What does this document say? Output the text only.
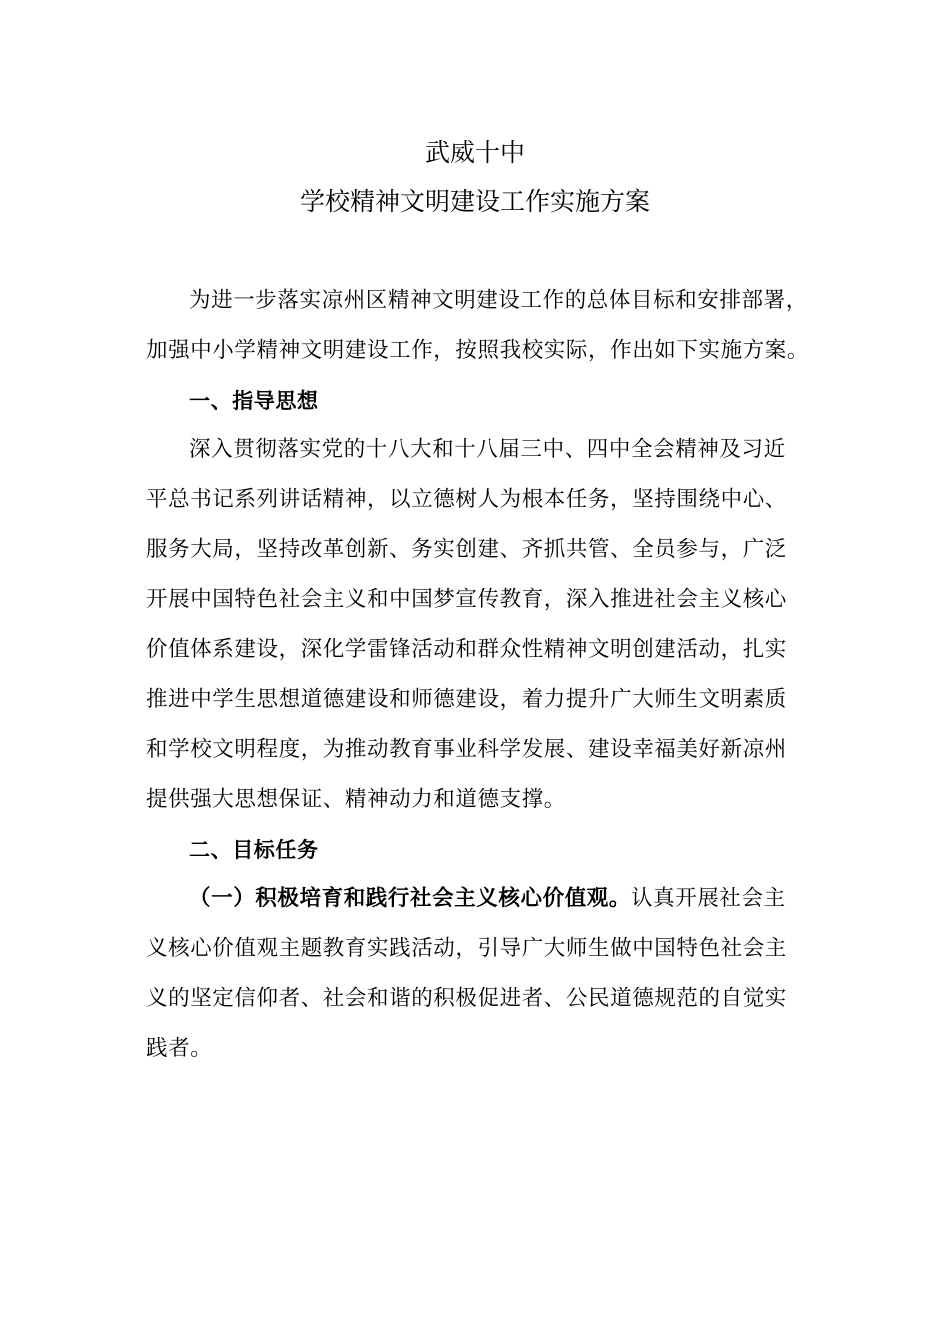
武威十中
学校精神文明建设工作实施方案
为进一步落实凉州区精神文明建设工作的总体目标和安排部署，
加强中小学精神文明建设工作，按照我校实际，作出如下实施方案。
一、指导思想
深入贯彻落实党的十八大和十八届三中、四中全会精神及习近
平总书记系列讲话精神，以立德树人为根本任务，坚持围绕中心、
服务大局，坚持改革创新、务实创建、齐抓共管、全员参与，广泛
开展中国特色社会主义和中国梦宣传教育，深入推进社会主义核心
价值体系建设，深化学雷锋活动和群众性精神文明创建活动，扎实
推进中学生思想道德建设和师德建设，着力提升广大师生文明素质
和学校文明程度，为推动教育事业科学发展、建设幸福美好新凉州
提供强大思想保证、精神动力和道德支撑。
二、目标任务
（一）积极培育和践行社会主义核心价值观。认真开展社会主
义核心价值观主题教育实践活动，引导广大师生做中国特色社会主
义的坚定信仰者、社会和谐的积极促进者、公民道德规范的自觉实
践者。
